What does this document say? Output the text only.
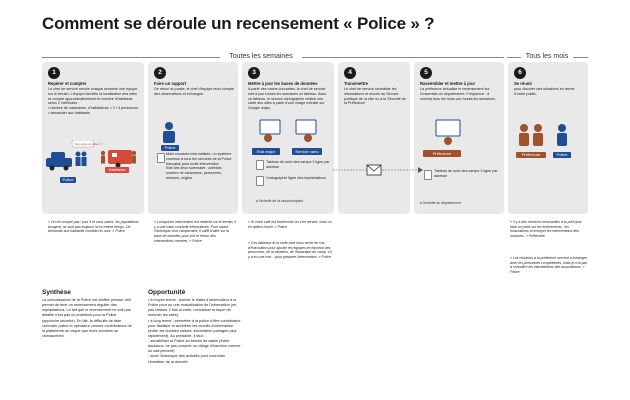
Comment se déroule un recensement « Police » ?
Toutes les semaines	Tous les mois
1	2	3	4	5	6
Repérer et compter
Le chef de service envoie chaque semaine une équipe sur le terrain. L'équipe identifie la localisation des sites et compte approximativement le nombre d'habitants selon 2 méthodes :
• nombre de caravanes, d'habitations × 2 / 4 personnes
• demander aux habitants
Faire un rapport
De retour au poste, le chef d'équipe rend compte des observations et échanges.
Mettre à jour les bases de données
A partir des mains courantes, le chef de service met à jour toutes les semaines un tableau. Avec ce tableau, le service cartographie réalise une carte des sites à partir d'une image extraite sur Google maps.
Transmettre
Le chef de service centralise les informations et envoie au Service politique de la ville ou à la Sécurité de la Préfecture
Rassembler et mettre à jour
La préfecture actualise le recensement sur l'ensemble du département. Fréquence : à minima tous les mois voir toutes les semaines.
Se réunir
pour discuter des situations en terme d'ordre public.
Vous êtes combien ?
Police
Habitants
Police
Main courante informatisée, un système commun à tous les services de la Police française pour toute intervention
Etat des lieux sommaire : adresse, nombre de caravanes, personnes, mineurs, origine
Etat major	Service carto
Tableau de suivi des camps 1 ligne par adresse
Cartographie figée des implantations
à l'échelle de la circonscription
Préfecture
Tableau de suivi des camps 1 ligne par adresse
à l'échelle du département
Préfecture	Police
« On ne compte pas / pas 3 et vous savez, les populations bougent, on sont pas toujours là en même temps. On demande aux habitants combien ils sont. » Police
« Lorsqu'une intervention est réalisée sur le terrain, il y a une main courante informatisée. Pour savoir l'historique d'un campement, il suffit d'aller sur la base de données pour voir le retour des interventions menées. » Police
« Si votre outil est fonctionnel on s'en servira, mais on en aidera d'outil. » Police
« Ces tableaux et la carte vont nous servir en cas d'évacuation pour ajuster les équipes en fonction des personnes, de la situation, de l'historique du camp, s'il y a eu une rixe... pour préparer l'intervention. » Police
« Il y a des réunions mensuelles à la préf pour faire un point sur les événements : les évacuations et envoyer les interventions des huissiers. » Préfecture
« Les réunions à la préfecture servent à échanger avec les personnes compétentes, mais je n'ai pas à connaître les interventions des associations. » Police
Synthèse
La connaissance de la Police est étoffée précise, elle permet de tenir un recensement régulier des implantations. Le fait que le recensement ne soit pas détaillé n'est pas un problème pour la Police (approche sécurité). En fait, la difficulté de faire coïncider police et opérateur comme contributeurs de la plateforme au risque que leurs données se chevauchent.
Opportunité
• à moyen terme : donner le statut d'observateur à la Police pour un une mutualisation de l'information (ne pas réaliser 2 fois la carte, normaliser la façon de nommer les sites).
• à long terme : permettre à la police d'être contributeur pour fiabiliser et accélérer les circuits d'information (éviter les doubles saisies, information partagée plus rapidement). Au préalable, il faut :
- sensibiliser la Police au besoin de saisie (éviter doublons, ne pas compter un village d'insertion comme un campement)
- avoir l'historique des activités pour connaître l'émetteur de la donnée.
